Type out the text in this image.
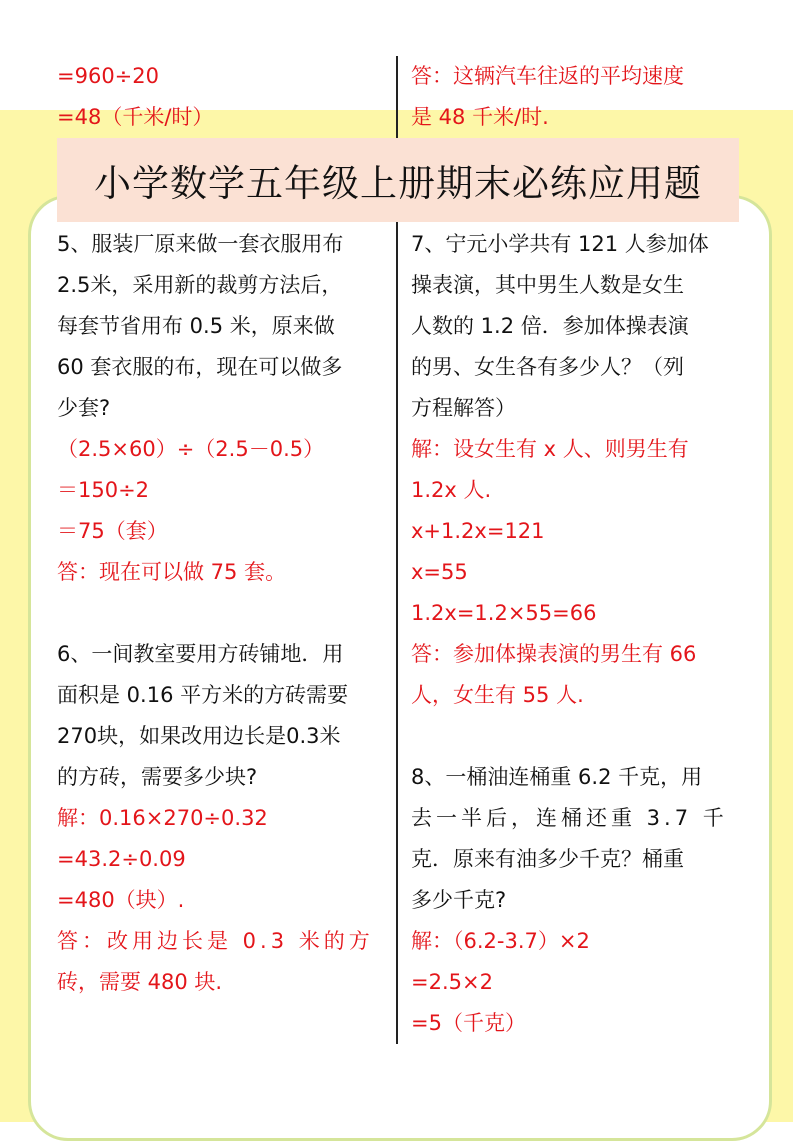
=960÷20
=48（千米/时）
答：这辆汽车往返的平均速度
是 48 千米/时.
小学数学五年级上册期末必练应用题
5、服装厂原来做一套衣服用布
2.5米，采用新的裁剪方法后，
每套节省用布 0.5 米，原来做
60 套衣服的布，现在可以做多
少套?
（2.5×60）÷（2.5－0.5）
＝150÷2
＝75（套）
答：现在可以做 75 套。
6、一间教室要用方砖铺地．用
面积是 0.16 平方米的方砖需要
270块，如果改用边长是0.3米
的方砖，需要多少块?
解：0.16×270÷0.32
=43.2÷0.09
=480（块）.
答：改用边长是 0.3 米的方
砖，需要 480 块.
7、宁元小学共有 121 人参加体
操表演，其中男生人数是女生
人数的 1.2 倍．参加体操表演
的男、女生各有多少人？（列
方程解答）
解：设女生有 x 人、则男生有
1.2x 人.
x+1.2x=121
x=55
1.2x=1.2×55=66
答：参加体操表演的男生有 66
人，女生有 55 人.
8、一桶油连桶重 6.2 千克，用
去一半后，连桶还重 3.7 千
克．原来有油多少千克？桶重
多少千克?
解：（6.2-3.7）×2
=2.5×2
=5（千克）
